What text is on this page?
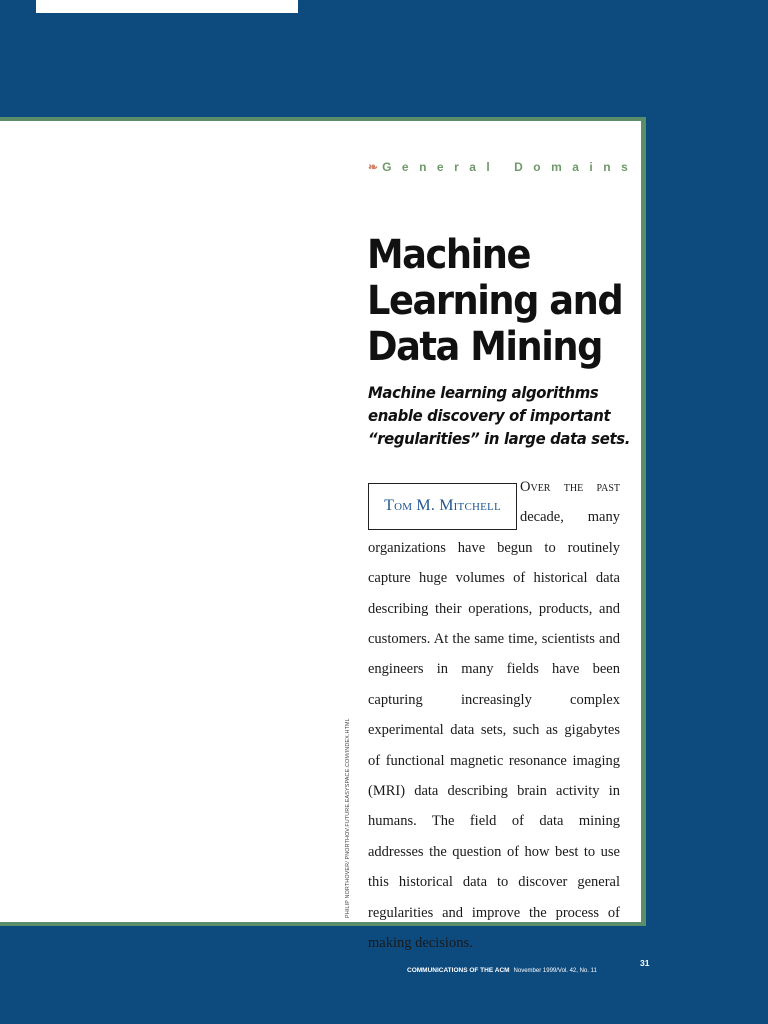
❧ General Domains
Machine Learning and Data Mining

Machine learning algorithms enable discovery of important “regularities” in large data sets.

Tom M. Mitchell

Over the past decade, many organizations have begun to routinely capture huge volumes of historical data describing their operations, products, and customers. At the same time, scientists and engineers in many fields have been capturing increasingly complex experimental data sets, such as gigabytes of functional magnetic resonance imaging (MRI) data describing brain activity in humans. The field of data mining addresses the question of how best to use this historical data to discover general regularities and improve the process of making decisions.

PHILIP NORTHOVER/ PNORTHOV.FUTURE.EASYSPACE.COM/INDEX.HTML
COMMUNICATIONS OF THE ACM November 1999/Vol. 42, No. 11
31
